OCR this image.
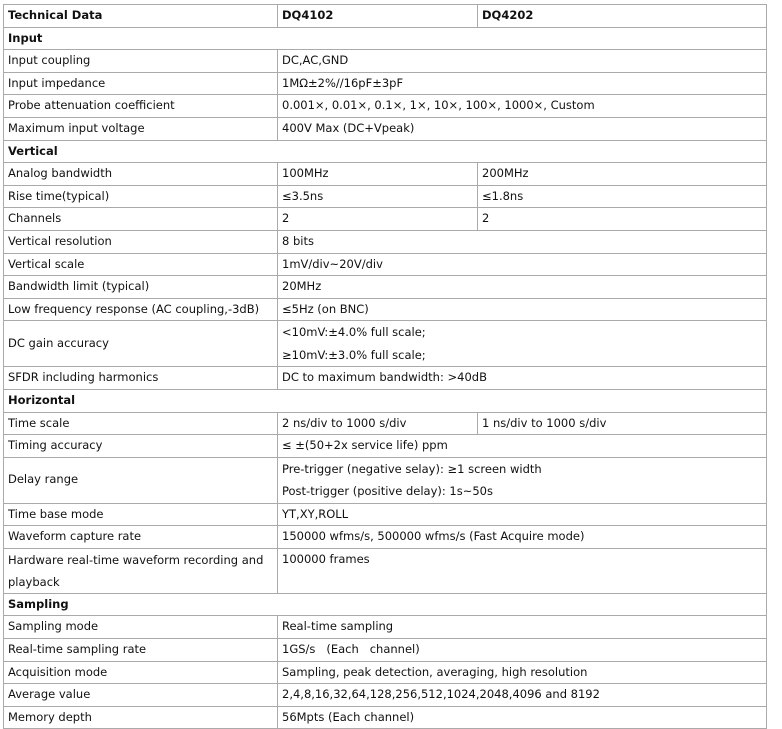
Technical Data	DQ4102	DQ4202
Input		
Input coupling	DC,AC,GND	
Input impedance	1MΩ±2%//16pF±3pF	
Probe attenuation coefficient	0.001×, 0.01×, 0.1×, 1×, 10×, 100×, 1000×, Custom	
Maximum input voltage	400V Max (DC+Vpeak)	
Vertical		
Analog bandwidth	100MHz	200MHz
Rise time(typical)	≤3.5ns	≤1.8ns
Channels	2	2
Vertical resolution	8 bits	
Vertical scale	1mV/div~20V/div	
Bandwidth limit (typical)	20MHz	
Low frequency response (AC coupling,-3dB)	≤5Hz (on BNC)	
DC gain accuracy	<10mV:±4.0% full scale;
≥10mV:±3.0% full scale;	

SFDR including harmonics	DC to maximum bandwidth: >40dB	
Horizontal		
Time scale	2 ns/div to 1000 s/div	1 ns/div to 1000 s/div
Timing accuracy	≤ ±(50+2x service life) ppm	
Delay range	Pre-trigger (negative selay): ≥1 screen width
Post-trigger (positive delay): 1s~50s	

Time base mode	YT,XY,ROLL	
Waveform capture rate	150000 wfms/s, 500000 wfms/s (Fast Acquire mode)	
Hardware real-time waveform recording and playback	100000 frames	
Sampling		
Sampling mode	Real-time sampling	
Real-time sampling rate	1GS/s   (Each   channel)	
Acquisition mode	Sampling, peak detection, averaging, high resolution	
Average value	2,4,8,16,32,64,128,256,512,1024,2048,4096 and 8192	
Memory depth	56Mpts (Each channel)	
